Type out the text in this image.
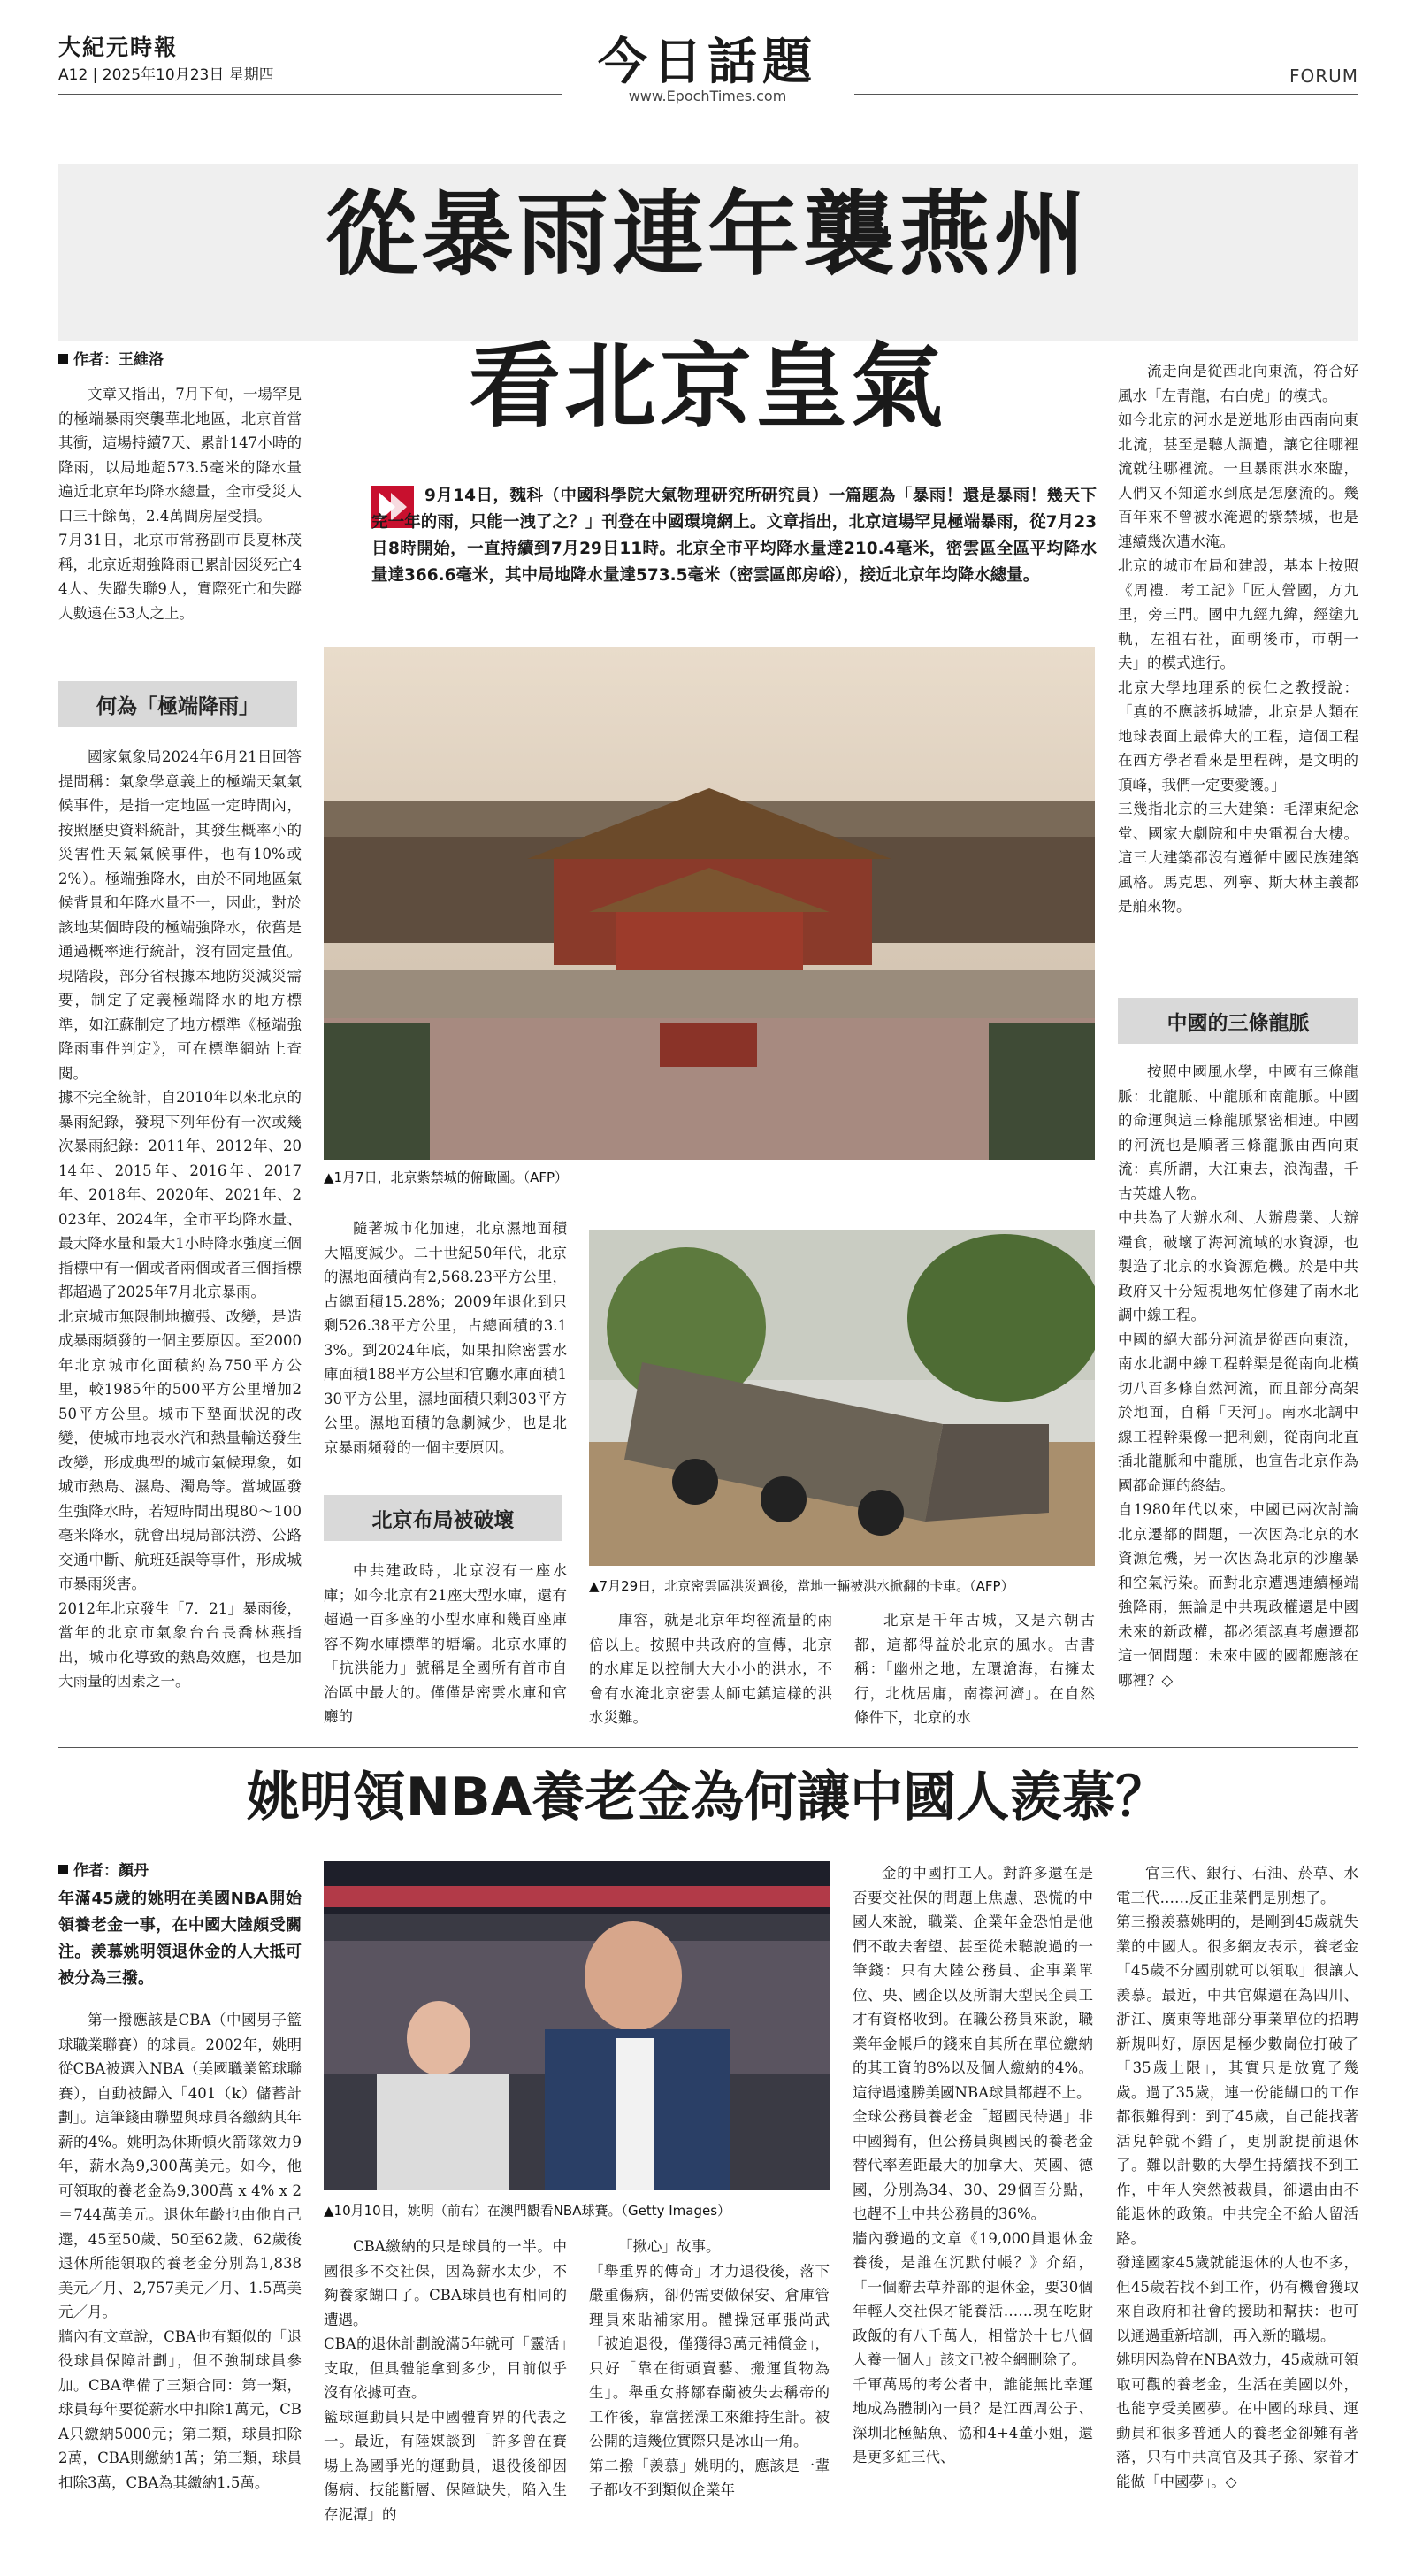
大紀元時報
A12 | 2025年10月23日 星期四	今日話題
www.EpochTimes.com
FORUM
從暴雨連年襲燕州
看北京皇氣
作者：王維洛
9月14日，魏科（中國科學院大氣物理研究所研究員）一篇題為「暴雨！還是暴雨！幾天下完一年的雨，只能一洩了之？」刊登在中國環境網上。文章指出，北京這場罕見極端暴雨，從7月23日8時開始，一直持續到7月29日11時。北京全市平均降水量達210.4毫米，密雲區全區平均降水量達366.6毫米，其中局地降水量達573.5毫米（密雲區郎房峪），接近北京年均降水總量。
文章又指出，7月下旬，一場罕見的極端暴雨突襲華北地區，北京首當其衝，這場持續7天、累計147小時的降雨，以局地超573.5毫米的降水量遍近北京年均降水總量，全市受災人口三十餘萬，2.4萬間房屋受損。
7月31日，北京市常務副市長夏林茂稱，北京近期強降雨已累計因災死亡44人、失蹤失聯9人，實際死亡和失蹤人數遠在53人之上。
何為「極端降雨」
國家氣象局2024年6月21日回答提問稱：氣象學意義上的極端天氣氣候事件，是指一定地區一定時間內，按照歷史資料統計，其發生概率小的災害性天氣氣候事件，也有10%或2%）。極端強降水，由於不同地區氣候背景和年降水量不一，因此，對於該地某個時段的極端強降水，依舊是通過概率進行統計，沒有固定量值。現階段，部分省根據本地防災減災需要，制定了定義極端降水的地方標準，如江蘇制定了地方標準《極端強降雨事件判定》，可在標準網站上查閱。
據不完全統計，自2010年以來北京的暴雨紀錄，發現下列年份有一次或幾次暴雨紀錄：2011年、2012年、2014年、2015年、2016年、2017年、2018年、2020年、2021年、2023年、2024年，全市平均降水量、最大降水量和最大1小時降水強度三個指標中有一個或者兩個或者三個指標都超過了2025年7月北京暴雨。
北京城市無限制地擴張、改變，是造成暴雨頻發的一個主要原因。至2000年北京城市化面積約為750平方公里，較1985年的500平方公里增加250平方公里。城市下墊面狀況的改變，使城市地表水汽和熱量輸送發生改變，形成典型的城市氣候現象，如城市熱島、濕島、濁島等。當城區發生強降水時，若短時間出現80～100毫米降水，就會出現局部洪澇、公路交通中斷、航班延誤等事件，形成城市暴雨災害。
2012年北京發生「7．21」暴雨後，當年的北京市氣象台台長喬林燕指出，城市化導致的熱島效應，也是加大雨量的因素之一。
▲1月7日，北京紫禁城的俯瞰圖。（AFP）
隨著城市化加速，北京濕地面積大幅度減少。二十世紀50年代，北京的濕地面積尚有2,568.23平方公里，占總面積15.28%；2009年退化到只剩526.38平方公里，占總面積的3.13%。到2024年底，如果扣除密雲水庫面積188平方公里和官廳水庫面積130平方公里，濕地面積只剩303平方公里。濕地面積的急劇減少，也是北京暴雨頻發的一個主要原因。
北京布局被破壞
中共建政時，北京沒有一座水庫；如今北京有21座大型水庫，還有超過一百多座的小型水庫和幾百座庫容不夠水庫標準的塘壩。北京水庫的「抗洪能力」號稱是全國所有首市自治區中最大的。僅僅是密雲水庫和官廳的
▲7月29日，北京密雲區洪災過後，當地一輛被洪水掀翻的卡車。（AFP）
庫容，就是北京年均徑流量的兩倍以上。按照中共政府的宣傳，北京的水庫足以控制大大小小的洪水，不會有水淹北京密雲太師屯鎮這樣的洪水災難。
北京是千年古城，又是六朝古都，這都得益於北京的風水。古書稱：「幽州之地，左環滄海，右擁太行，北枕居庸，南襟河濟」。在自然條件下，北京的水
流走向是從西北向東流，符合好風水「左青龍，右白虎」的模式。
如今北京的河水是逆地形由西南向東北流，甚至是聽人調遣，讓它往哪裡流就往哪裡流。一旦暴雨洪水來臨，人們又不知道水到底是怎麼流的。幾百年來不曾被水淹過的紫禁城，也是連續幾次遭水淹。
北京的城市布局和建設，基本上按照《周禮．考工記》「匠人營國，方九里，旁三門。國中九經九緯，經塗九軌，左祖右社，面朝後市，市朝一夫」的模式進行。
北京大學地理系的侯仁之教授說：「真的不應該拆城牆，北京是人類在地球表面上最偉大的工程，這個工程在西方學者看來是里程碑，是文明的頂峰，我們一定要愛護。」
三幾指北京的三大建築：毛澤東紀念堂、國家大劇院和中央電視台大樓。這三大建築都沒有遵循中國民族建築風格。馬克思、列寧、斯大林主義都是舶來物。
中國的三條龍脈
按照中國風水學，中國有三條龍脈：北龍脈、中龍脈和南龍脈。中國的命運與這三條龍脈緊密相連。中國的河流也是順著三條龍脈由西向東流：真所謂，大江東去，浪淘盡，千古英雄人物。
中共為了大辦水利、大辦農業、大辦糧食，破壞了海河流域的水資源，也製造了北京的水資源危機。於是中共政府又十分短視地匆忙修建了南水北調中線工程。
中國的絕大部分河流是從西向東流，南水北調中線工程幹渠是從南向北橫切八百多條自然河流，而且部分高架於地面，自稱「天河」。南水北調中線工程幹渠像一把利劍，從南向北直插北龍脈和中龍脈，也宣告北京作為國都命運的終結。
自1980年代以來，中國已兩次討論北京遷都的問題，一次因為北京的水資源危機，另一次因為北京的沙塵暴和空氣污染。而對北京遭遇連續極端強降雨，無論是中共現政權還是中國未來的新政權，都必須認真考慮遷都這一個問題：未來中國的國都應該在哪裡？◇
姚明領NBA養老金為何讓中國人羨慕？
作者：顏丹
年滿45歲的姚明在美國NBA開始領養老金一事，在中國大陸頗受關注。羨慕姚明領退休金的人大抵可被分為三撥。
第一撥應該是CBA（中國男子籃球職業聯賽）的球員。2002年，姚明從CBA被選入NBA（美國職業籃球聯賽），自動被歸入「401（k）儲蓄計劃」。這筆錢由聯盟與球員各繳納其年薪的4%。姚明為休斯頓火箭隊效力9年，薪水為9,300萬美元。如今，他可領取的養老金為9,300萬 x 4% x 2＝744萬美元。退休年齡也由他自己選，45至50歲、50至62歲、62歲後退休所能領取的養老金分別為1,838美元／月、2,757美元／月、1.5萬美元／月。
牆內有文章說，CBA也有類似的「退役球員保障計劃」，但不強制球員參加。CBA準備了三類合同：第一類，球員每年要從薪水中扣除1萬元，CBA只繳納5000元；第二類，球員扣除2萬，CBA則繳納1萬；第三類，球員扣除3萬，CBA為其繳納1.5萬。
▲10月10日，姚明（前右）在澳門觀看NBA球賽。（Getty Images）
CBA繳納的只是球員的一半。中國很多不交社保，因為薪水太少，不夠養家餬口了。CBA球員也有相同的遭遇。
CBA的退休計劃說滿5年就可「靈活」支取，但具體能拿到多少，目前似乎沒有依據可查。
籃球運動員只是中國體育界的代表之一。最近，有陸媒談到「許多曾在賽場上為國爭光的運動員，退役後卻因傷病、技能斷層、保障缺失，陷入生存泥潭」的
「揪心」故事。
「舉重界的傳奇」才力退役後，落下嚴重傷病，卻仍需要做保安、倉庫管理員來貼補家用。體操冠軍張尚武「被迫退役，僅獲得3萬元補償金」，只好「靠在街頭賣藝、搬運貨物為生」。舉重女將鄒春蘭被失去稱帝的工作後，靠當搓澡工來維持生計。被公開的這幾位實際只是冰山一角。
第二撥「羨慕」姚明的，應該是一輩子都收不到類似企業年
金的中國打工人。對許多還在是否要交社保的問題上焦慮、恐慌的中國人來說，職業、企業年金恐怕是他們不敢去奢望、甚至從未聽說過的一筆錢：只有大陸公務員、企事業單位、央、國企以及所謂大型民企員工才有資格收到。在職公務員來說，職業年金帳戶的錢來自其所在單位繳納的其工資的8%以及個人繳納的4%。這待遇遠勝美國NBA球員都趕不上。
全球公務員養老金「超國民待遇」非中國獨有，但公務員與國民的養老金替代率差距最大的加拿大、英國、德國，分別為34、30、29個百分點，也趕不上中共公務員的36%。
牆內發過的文章《19,000員退休金養後，是誰在沉默付帳？》介紹，「一個辭去草莽部的退休金，要30個年輕人交社保才能養活……現在吃財政飯的有八千萬人，相當於十七八個人養一個人」該文已被全網刪除了。
千軍萬馬的考公者中，誰能無比幸運地成為體制內一員？是江西周公子、深圳北極鮎魚、協和4+4董小姐，還是更多紅三代、
官三代、銀行、石油、菸草、水電三代……反正韭菜們是別想了。
第三撥羨慕姚明的，是剛到45歲就失業的中國人。很多網友表示，養老金「45歲不分國別就可以領取」很讓人羨慕。最近，中共官媒還在為四川、浙江、廣東等地部分事業單位的招聘新規叫好，原因是極少數崗位打破了「35歲上限」，其實只是放寬了幾歲。過了35歲，連一份能餬口的工作都很難得到：到了45歲，自己能找著活兒幹就不錯了，更別說提前退休了。難以計數的大學生持續找不到工作，中年人突然被裁員，卻還由由不能退休的政策。中共完全不給人留活路。
發達國家45歲就能退休的人也不多，但45歲若找不到工作，仍有機會獲取來自政府和社會的援助和幫扶：也可以通過重新培訓，再入新的職場。
姚明因為曾在NBA效力，45歲就可領取可觀的養老金，生活在美國以外，也能享受美國夢。在中國的球員、運動員和很多普通人的養老金卻難有著落，只有中共高官及其子孫、家眷才能做「中國夢」。◇
